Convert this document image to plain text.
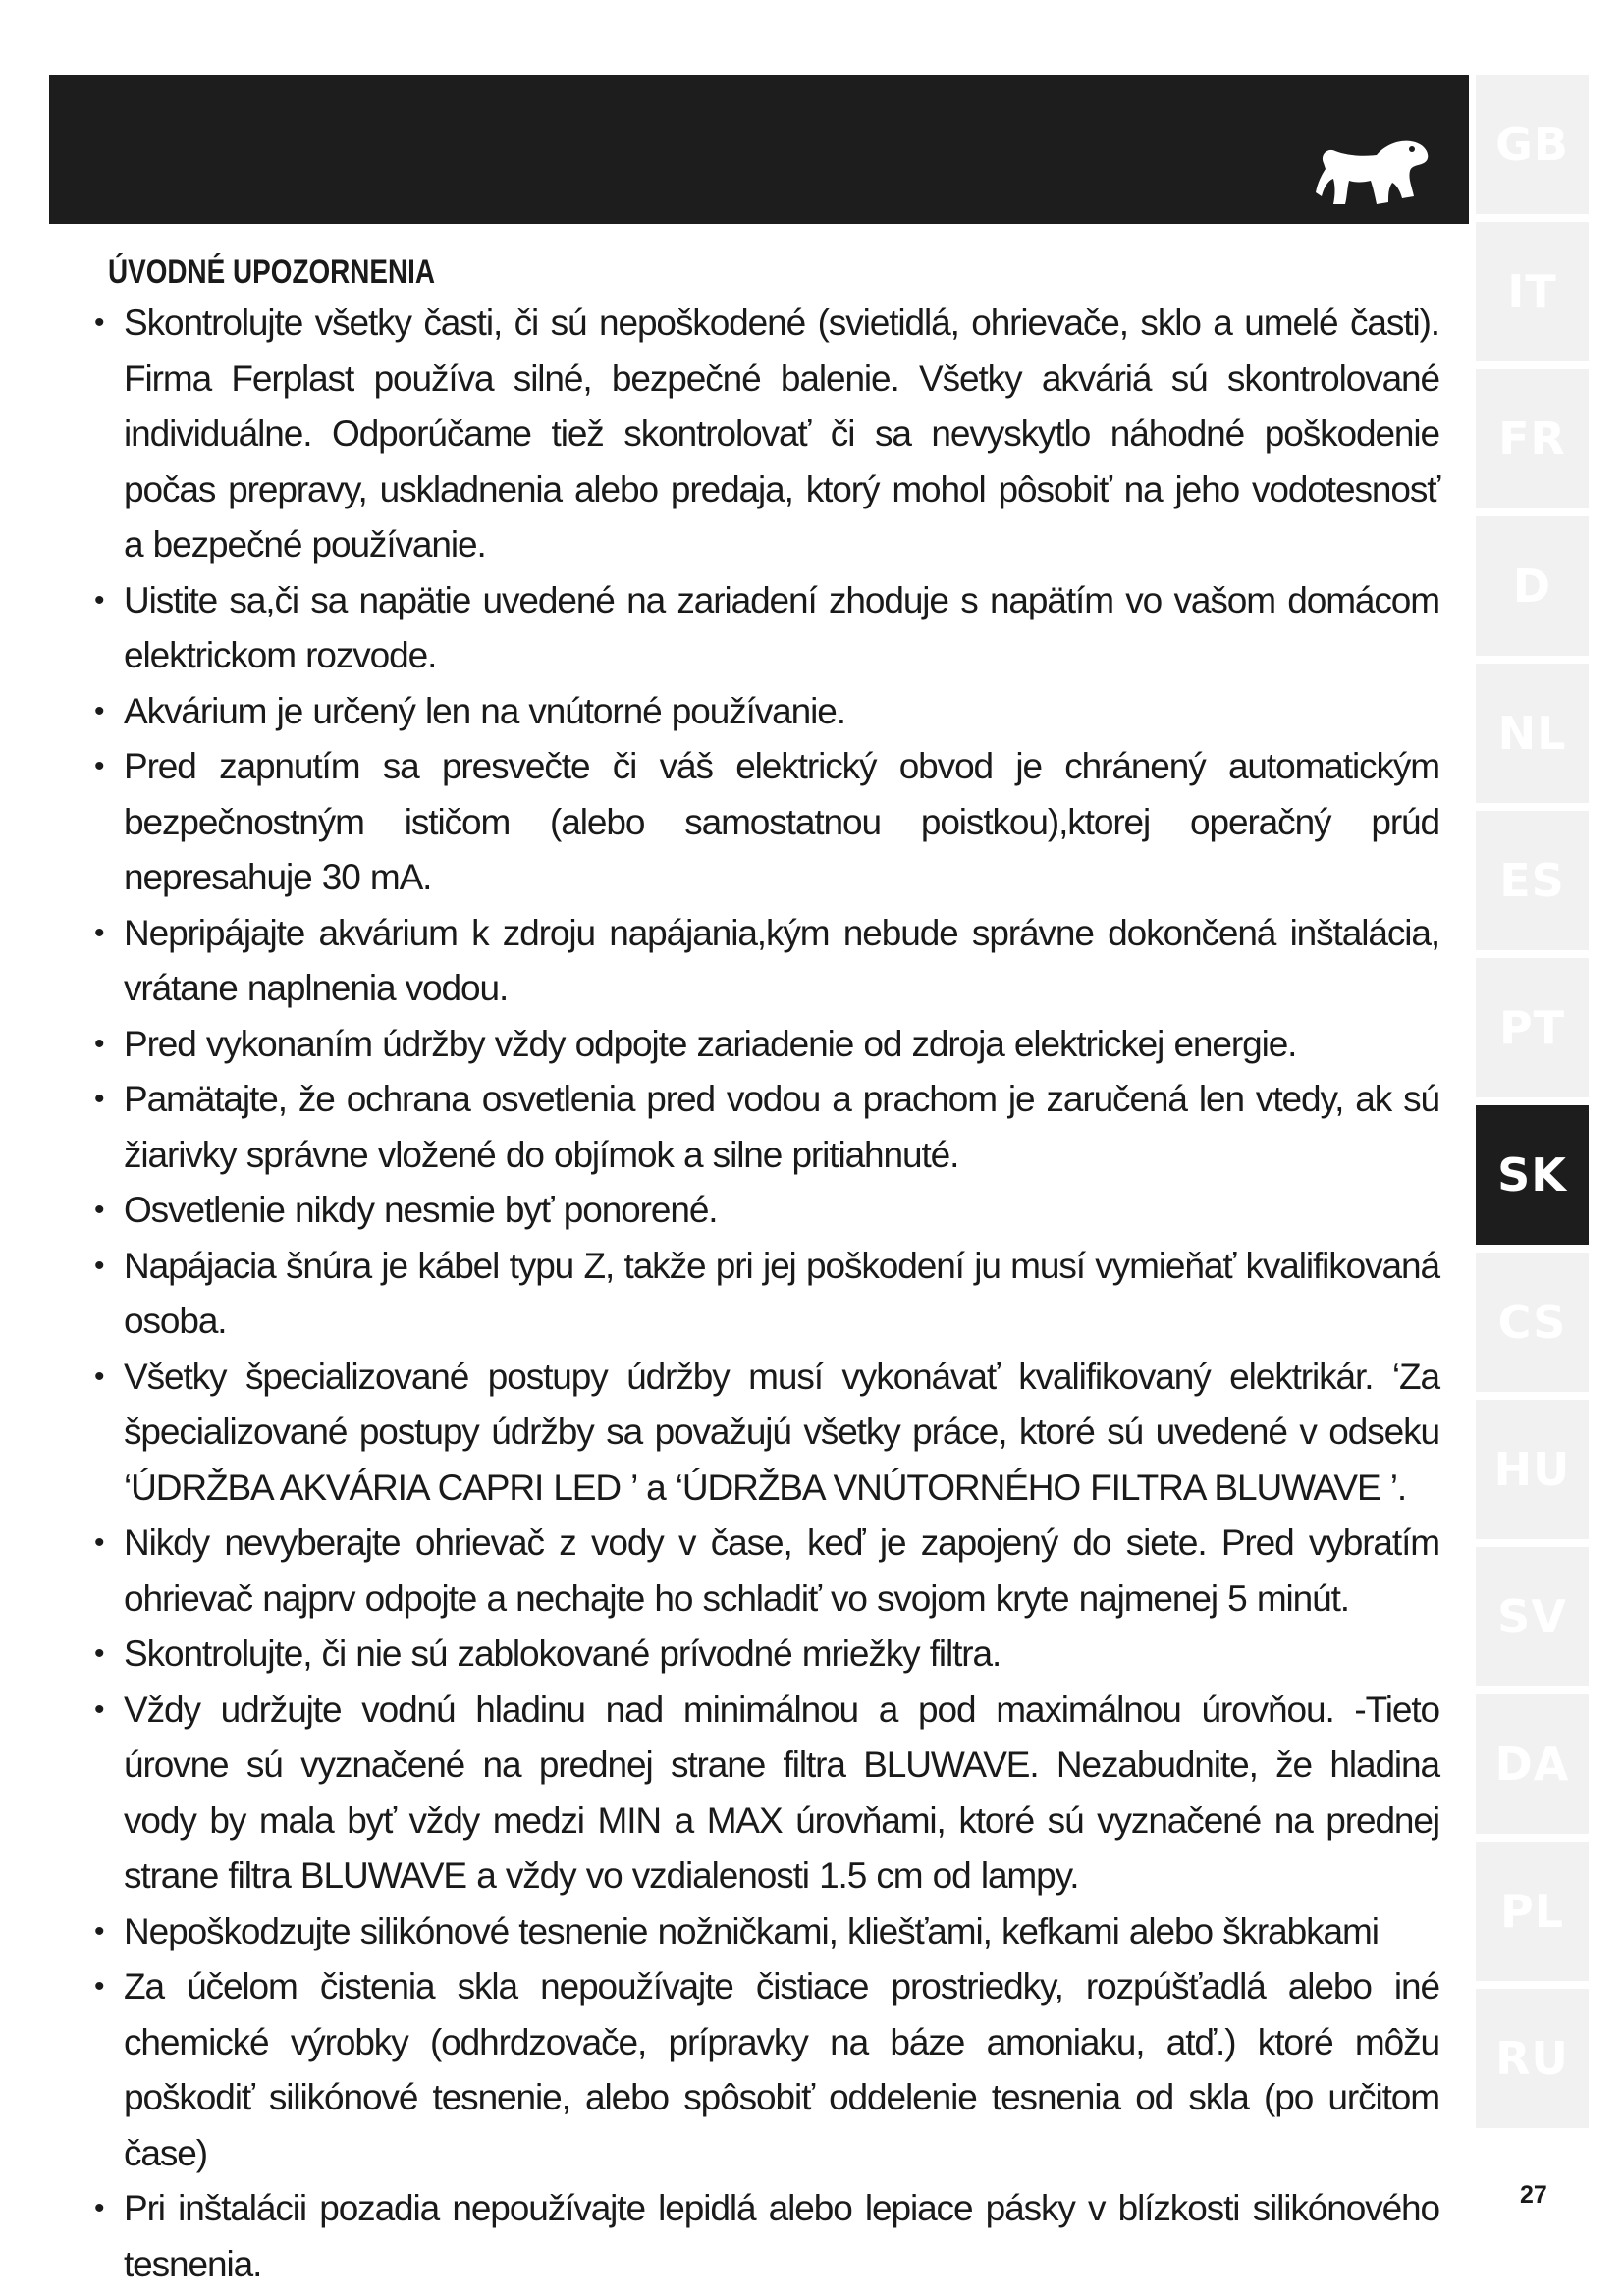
GB
IT
FR
D
NL
ES
PT
SK
CS
HU
SV
DA
PL
RU
ÚVODNÉ UPOZORNENIA
• Skontrolujte všetky časti, či sú nepoškodené (svietidlá, ohrievače, sklo a umelé časti). Firma Ferplast používa silné, bezpečné balenie. Všetky akváriá sú skontrolované individuálne. Odporúčame tiež skontrolovať či sa nevyskytlo náhodné poškodenie počas prepravy, uskladnenia alebo predaja, ktorý mohol pôsobiť na jeho vodotesnosť a bezpečné používanie.
• Uistite sa,či sa napätie uvedené na zariadení zhoduje s napätím vo vašom domácom elektrickom rozvode.
• Akvárium je určený len na vnútorné používanie.
• Pred zapnutím sa presvečte či váš elektrický obvod je chránený automatickým bezpečnostným ističom (alebo samostatnou poistkou),ktorej operačný prúd nepresahuje 30 mA.
• Nepripájajte akvárium k zdroju napájania,kým nebude správne dokončená inštalácia, vrátane naplnenia vodou.
• Pred vykonaním údržby vždy odpojte zariadenie od zdroja elektrickej energie.
• Pamätajte, že ochrana osvetlenia pred vodou a prachom je zaručená len vtedy, ak sú žiarivky správne vložené do objímok a silne pritiahnuté.
• Osvetlenie nikdy nesmie byť ponorené.
• Napájacia šnúra je kábel typu Z, takže pri jej poškodení ju musí vymieňať kvalifikovaná osoba.
• Všetky špecializované postupy údržby musí vykonávať kvalifikovaný elektrikár. ‘Za špecializované postupy údržby sa považujú všetky práce, ktoré sú uvedené v odseku ‘ÚDRŽBA AKVÁRIA CAPRI LED ’ a ‘ÚDRŽBA VNÚTORNÉHO FILTRA BLUWAVE ’.
• Nikdy nevyberajte ohrievač z vody v čase, keď je zapojený do siete. Pred vybratím ohrievač najprv odpojte a nechajte ho schladiť vo svojom kryte najmenej 5 minút.
• Skontrolujte, či nie sú zablokované prívodné mriežky filtra.
• Vždy udržujte vodnú hladinu nad minimálnou a pod maximálnou úrovňou. -Tieto úrovne sú vyznačené na prednej strane filtra BLUWAVE. Nezabudnite, že hladina vody by mala byť vždy medzi MIN a MAX úrovňami, ktoré sú vyznačené na prednej strane filtra BLUWAVE a vždy vo vzdialenosti 1.5 cm od lampy.
• Nepoškodzujte silikónové tesnenie nožničkami, kliešťami, kefkami alebo škrabkami
• Za účelom čistenia skla nepoužívajte čistiace prostriedky, rozpúšťadlá alebo iné chemické výrobky (odhrdzovače, prípravky na báze amoniaku, atď.) ktoré môžu poškodiť silikónové tesnenie, alebo spôsobiť oddelenie tesnenia od skla (po určitom čase)
• Pri inštalácii pozadia nepoužívajte lepidlá alebo lepiace pásky v blízkosti silikónového tesnenia.
27
